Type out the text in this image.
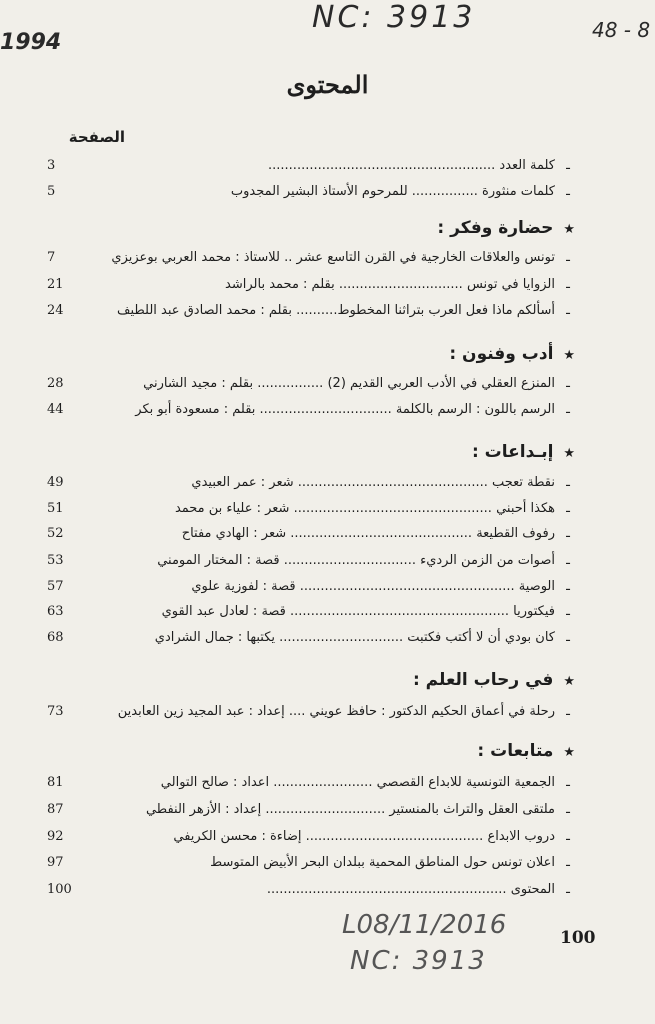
NC: 3913
1994	48 - 8
المحتوى
الصفحة
ـ
كلمة العدد .......................................................
3
ـ
كلمات منثورة ................ للمرحوم الأستاذ البشير المجدوب
5
★ حضارة وفكر :
ـ
تونس والعلاقات الخارجية في القرن التاسع عشر .. للاستاذ : محمد العربي بوعزيزي
7
ـ
الزوايا في تونس .............................. بقلم : محمد بالراشد
21
ـ
أسألكم ماذا فعل العرب بتراثنا المخطوط.......... بقلم : محمد الصادق عبد اللطيف
24
★ أدب وفنون :
ـ
المنزع العقلي في الأدب العربي القديم (2) ................ بقلم : مجيد الشارني
28
ـ
الرسم باللون : الرسم بالكلمة ................................ بقلم : مسعودة أبو بكر
44
★ إبـداعات :
ـ
نقطة تعجب .............................................. شعر : عمر العبيدي
49
ـ
هكذا أحبني ................................................ شعر : علياء بن محمد
51
ـ
رفوف القطيعة ............................................ شعر : الهادي مفتاح
52
ـ
أصوات من الزمن الرديء ................................ قصة : المختار المومني
53
ـ
الوصية .................................................... قصة : لفوزية علوي
57
ـ
فيكتوريا ..................................................... قصة : لعادل عبد القوي
63
ـ
كان بودي أن لا أكتب فكتبت .............................. يكتبها : جمال الشرادي
68
★ في رحاب العلم :
ـ
رحلة في أعماق الحكيم الدكتور : حافظ عويني .... إعداد : عبد المجيد زين العابدين
73
★ متابعات :
ـ
الجمعية التونسية للابداع القصصي ........................ اعداد : صالح التوالي
81
ـ
ملتقى العقل والتراث بالمنستير ............................. إعداد : الأزهر النفطي
87
ـ
دروب الابداع ........................................... إضاءة : محسن الكريفي
92
ـ
اعلان تونس حول المناطق المحمية ببلدان البحر الأبيض المتوسط
97
ـ
المحتوى ..........................................................
100
100
L08/11/2016
NC: 3913
